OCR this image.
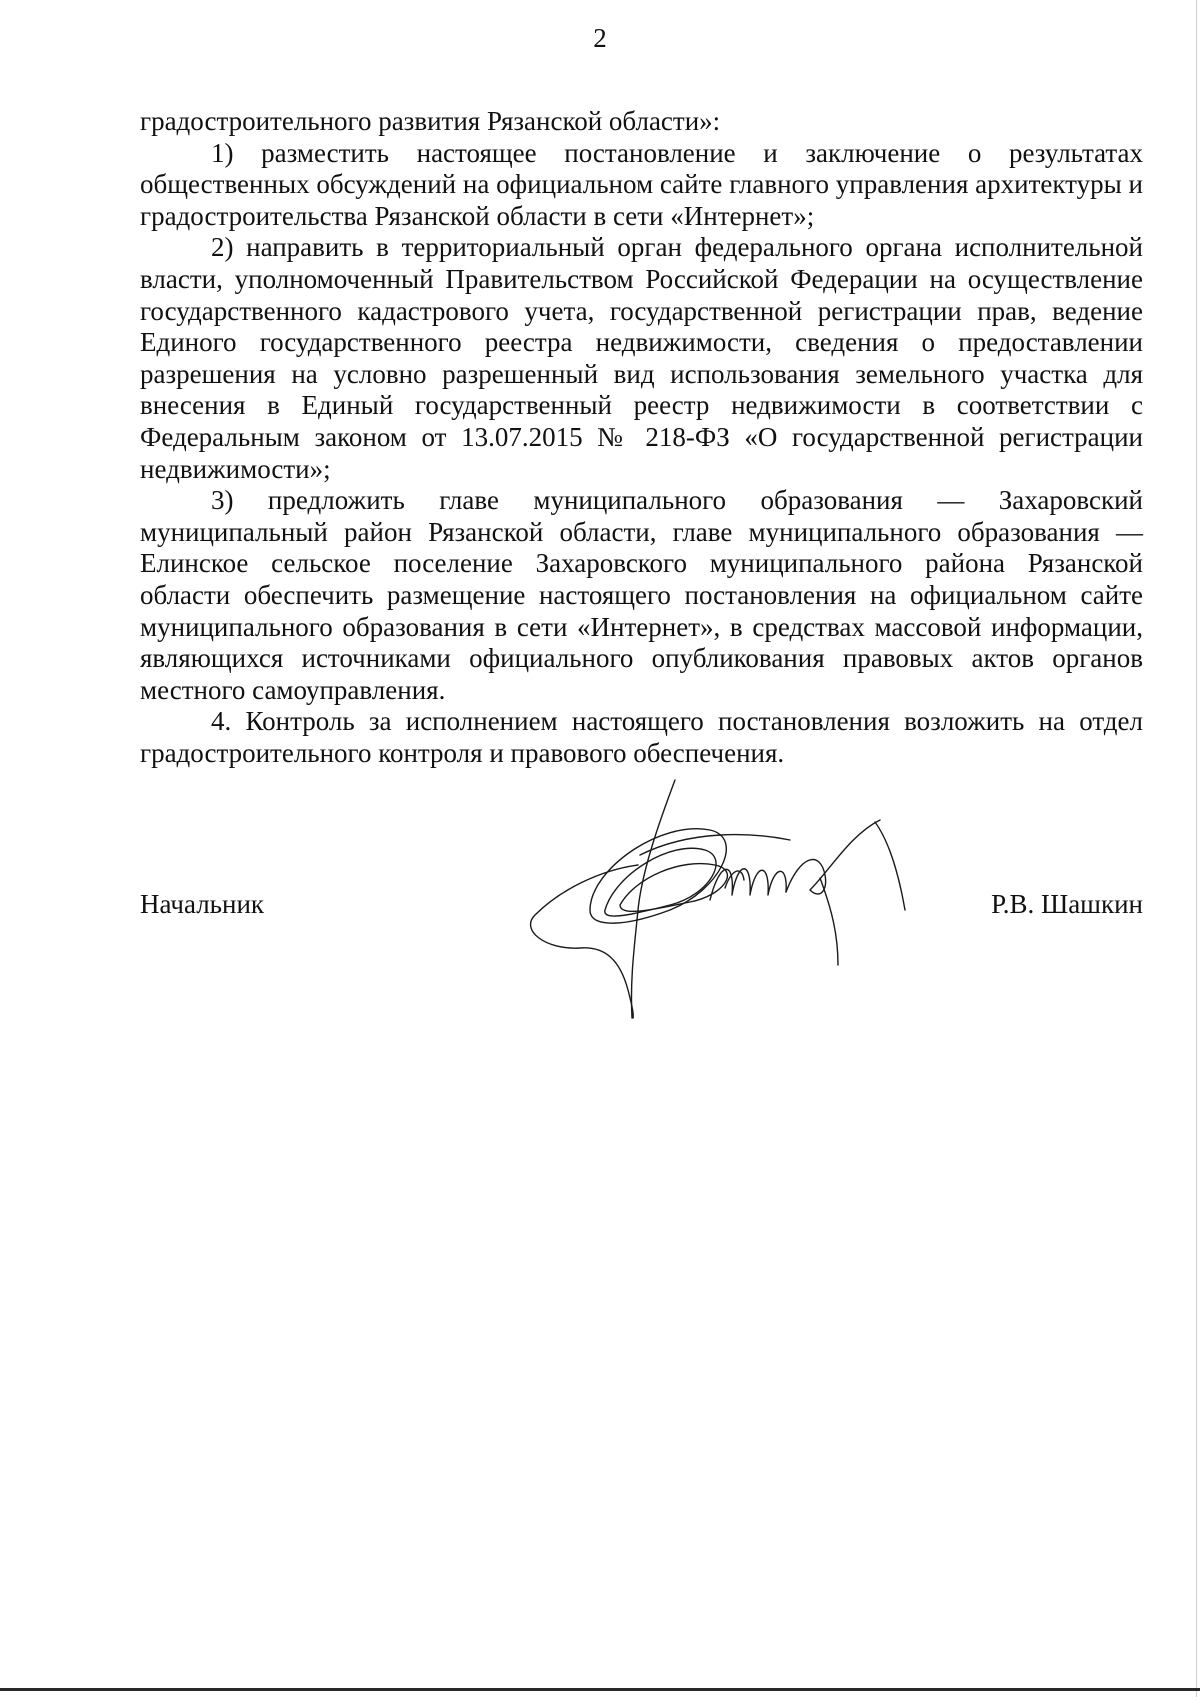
2

градостроительного развития Рязанской области»:

1) разместить настоящее постановление и заключение о результатах общественных обсуждений на официальном сайте главного управления архитектуры и градостроительства Рязанской области в сети «Интернет»;

2) направить в территориальный орган федерального органа исполнительной власти, уполномоченный Правительством Российской Федерации на осуществление государственного кадастрового учета, государственной регистрации прав, ведение Единого государственного реестра недвижимости, сведения о предоставлении разрешения на условно разрешенный вид использования земельного участка для внесения в Единый государственный реестр недвижимости в соответствии с Федеральным законом от 13.07.2015 № 218-ФЗ «О государственной регистрации недвижимости»;

3) предложить главе муниципального образования — Захаровский муниципальный район Рязанской области, главе муниципального образования — Елинское сельское поселение Захаровского муниципального района Рязанской области обеспечить размещение настоящего постановления на официальном сайте муниципального образования в сети «Интернет», в средствах массовой информации, являющихся источниками официального опубликования правовых актов органов местного самоуправления.

4. Контроль за исполнением настоящего постановления возложить на отдел градостроительного контроля и правового обеспечения.

Начальник	Р.В. Шашкин
